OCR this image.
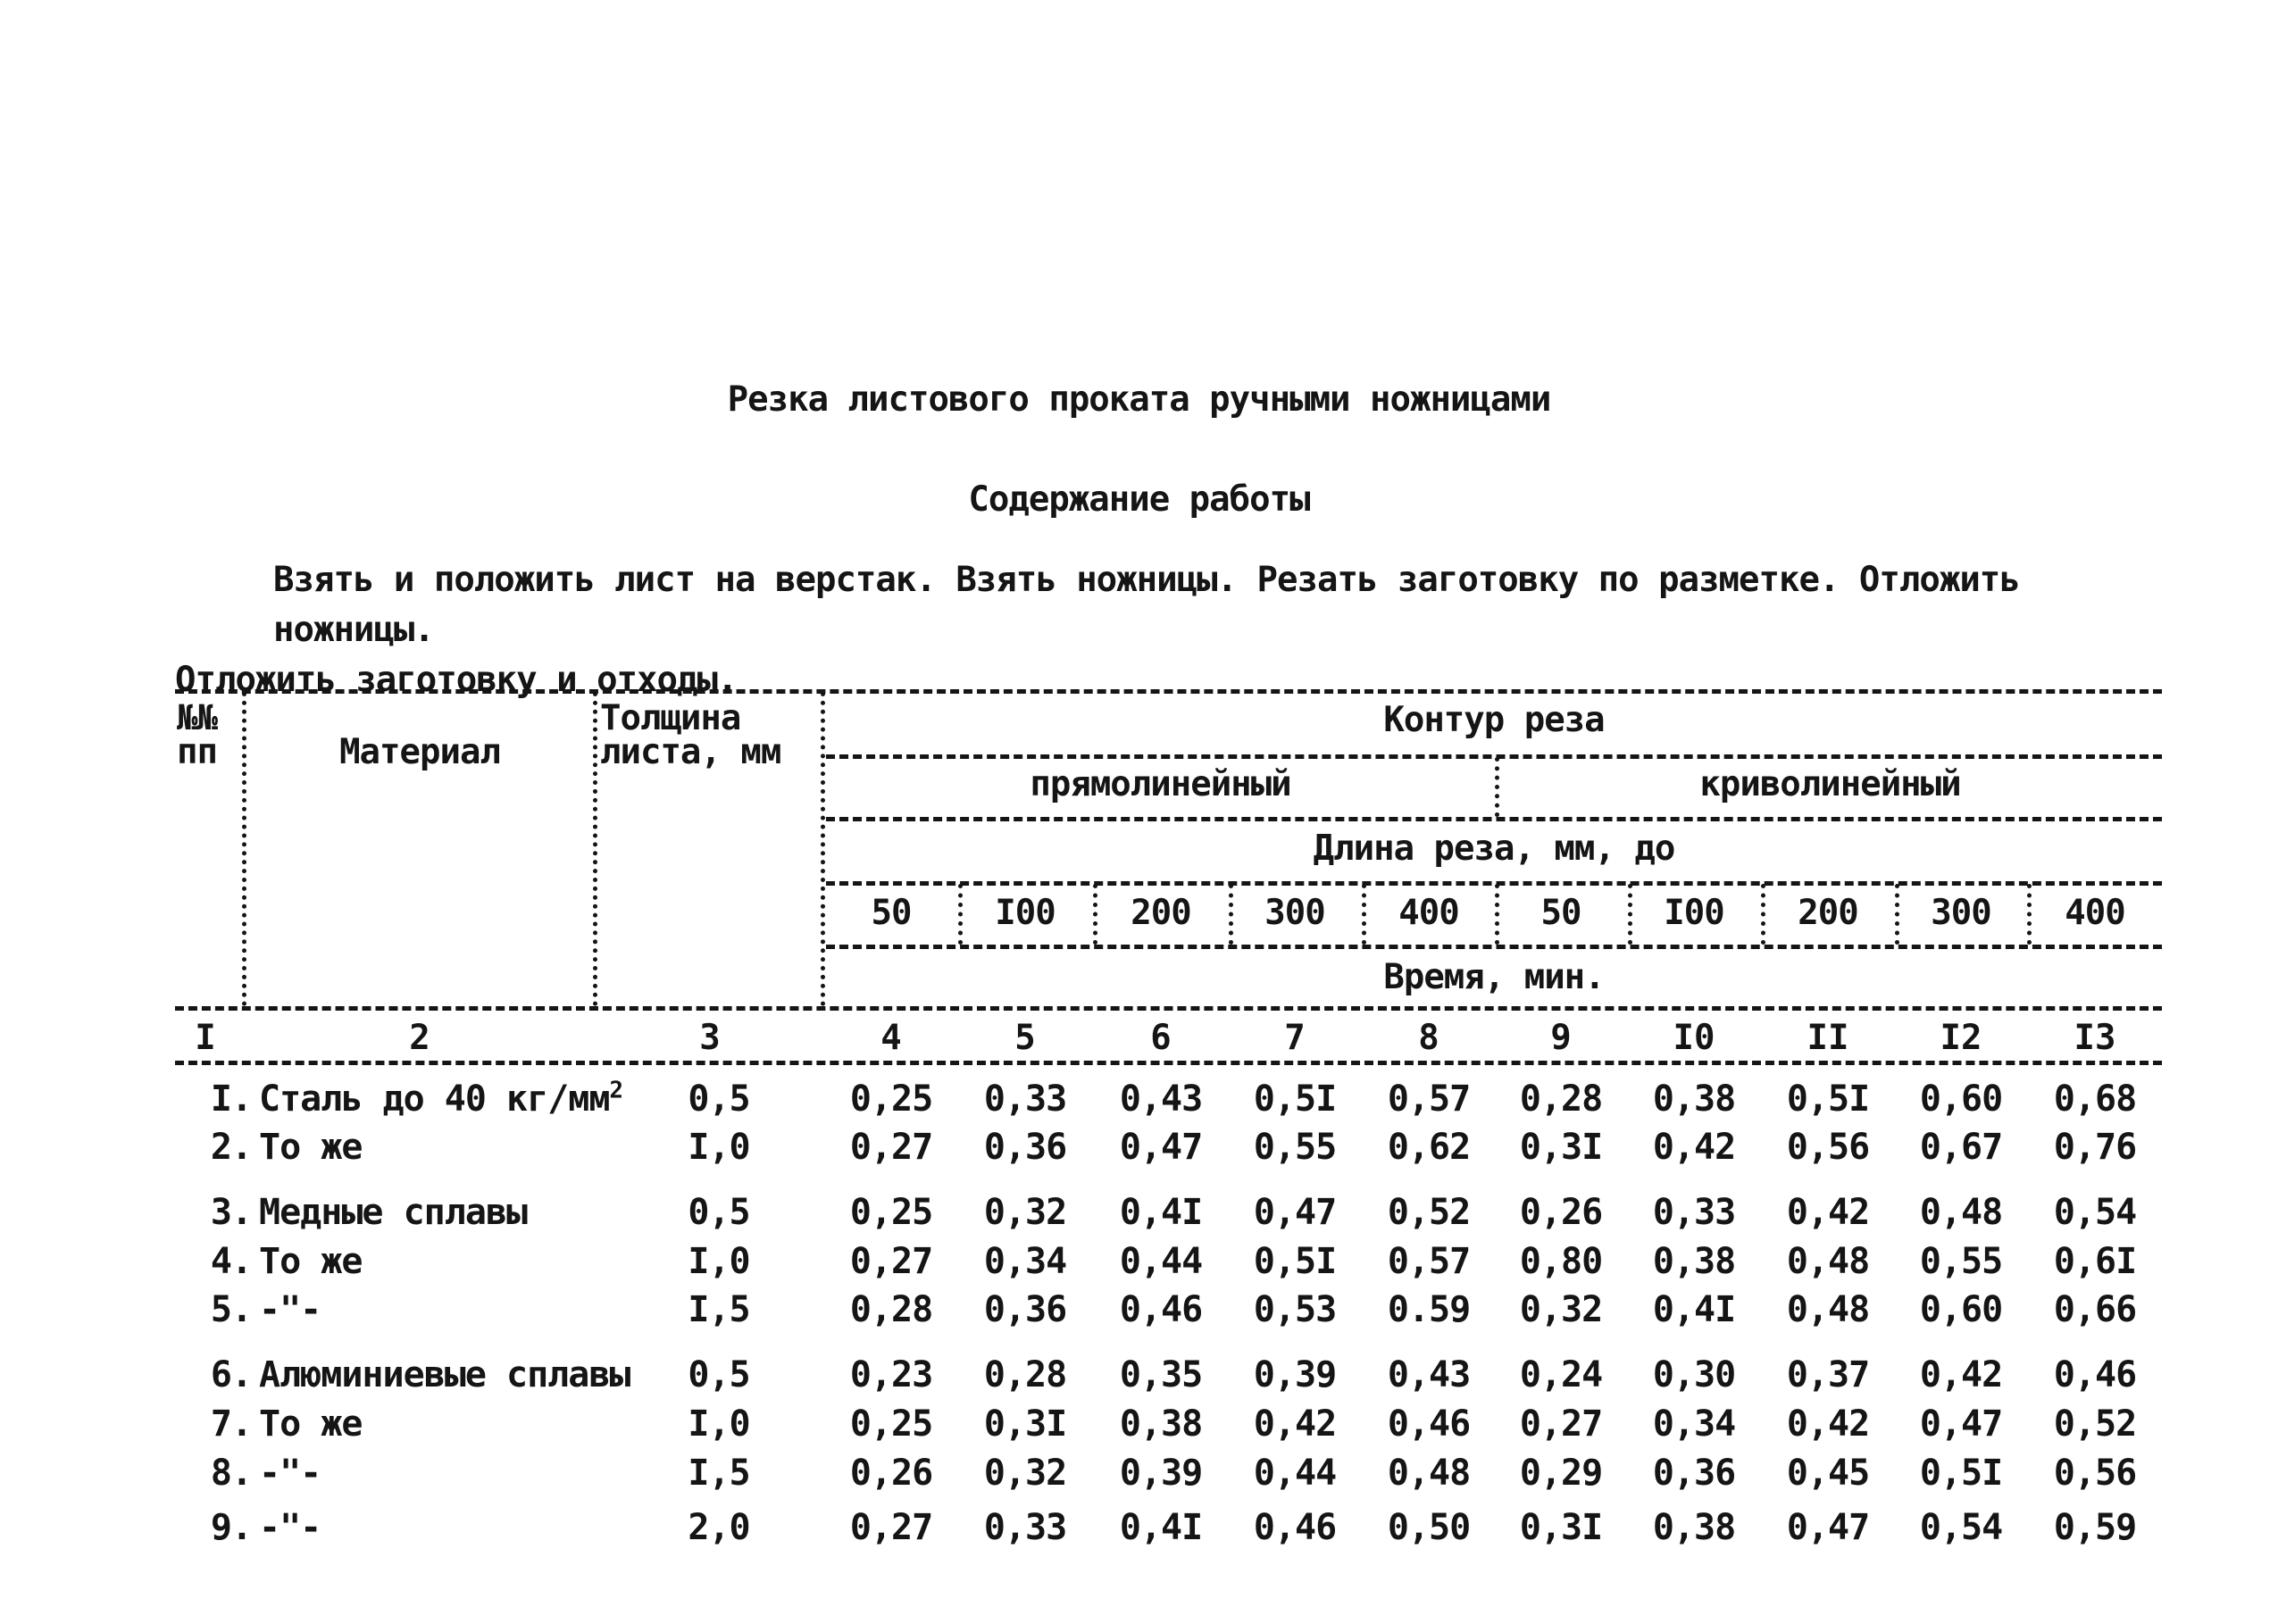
Резка листового проката ручными ножницами
Содержание работы
Взять и положить лист на верстак. Взять ножницы. Резать заготовку по разметке. Отложить ножницы.
Отложить заготовку и отходы.
№№
пп	Материал
Толщина
листа, мм
Контур реза
прямолинейный	криволинейный
Длина реза, мм, до
Время, мин.
50	I00	200	300	400	50	I00	200	300	400
I	2	3	4	5	6	7	8	9	I0	II	I2	I3
I. Сталь до 40 $кг/мм^2$ 0,5	0,25 0,33 0,43 0,5I 0,57 0,28 0,38 0,5I 0,60 0,68
2. То же	I,0	0,27 0,36 0,47 0,55 0,62 0,3I 0,42 0,56 0,67 0,76
3. Медные сплавы	0,5	0,25 0,32 0,4I 0,47 0,52 0,26 0,33 0,42 0,48 0,54
4. То же	I,0	0,27 0,34 0,44 0,5I 0,57 0,80 0,38 0,48 0,55 0,6I
5. -"-	I,5	0,28 0,36 0,46 0,53 0.59 0,32 0,4I 0,48 0,60 0,66
6. Алюминиевые сплавы 0,5	0,23 0,28 0,35 0,39 0,43 0,24 0,30 0,37 0,42 0,46
7. То же	I,0	0,25 0,3I 0,38 0,42 0,46 0,27 0,34 0,42 0,47 0,52
8. -"-	I,5	0,26 0,32 0,39 0,44 0,48 0,29 0,36 0,45 0,5I 0,56
9. -"-	2,0	0,27 0,33 0,4I 0,46 0,50 0,3I 0,38 0,47 0,54 0,59
